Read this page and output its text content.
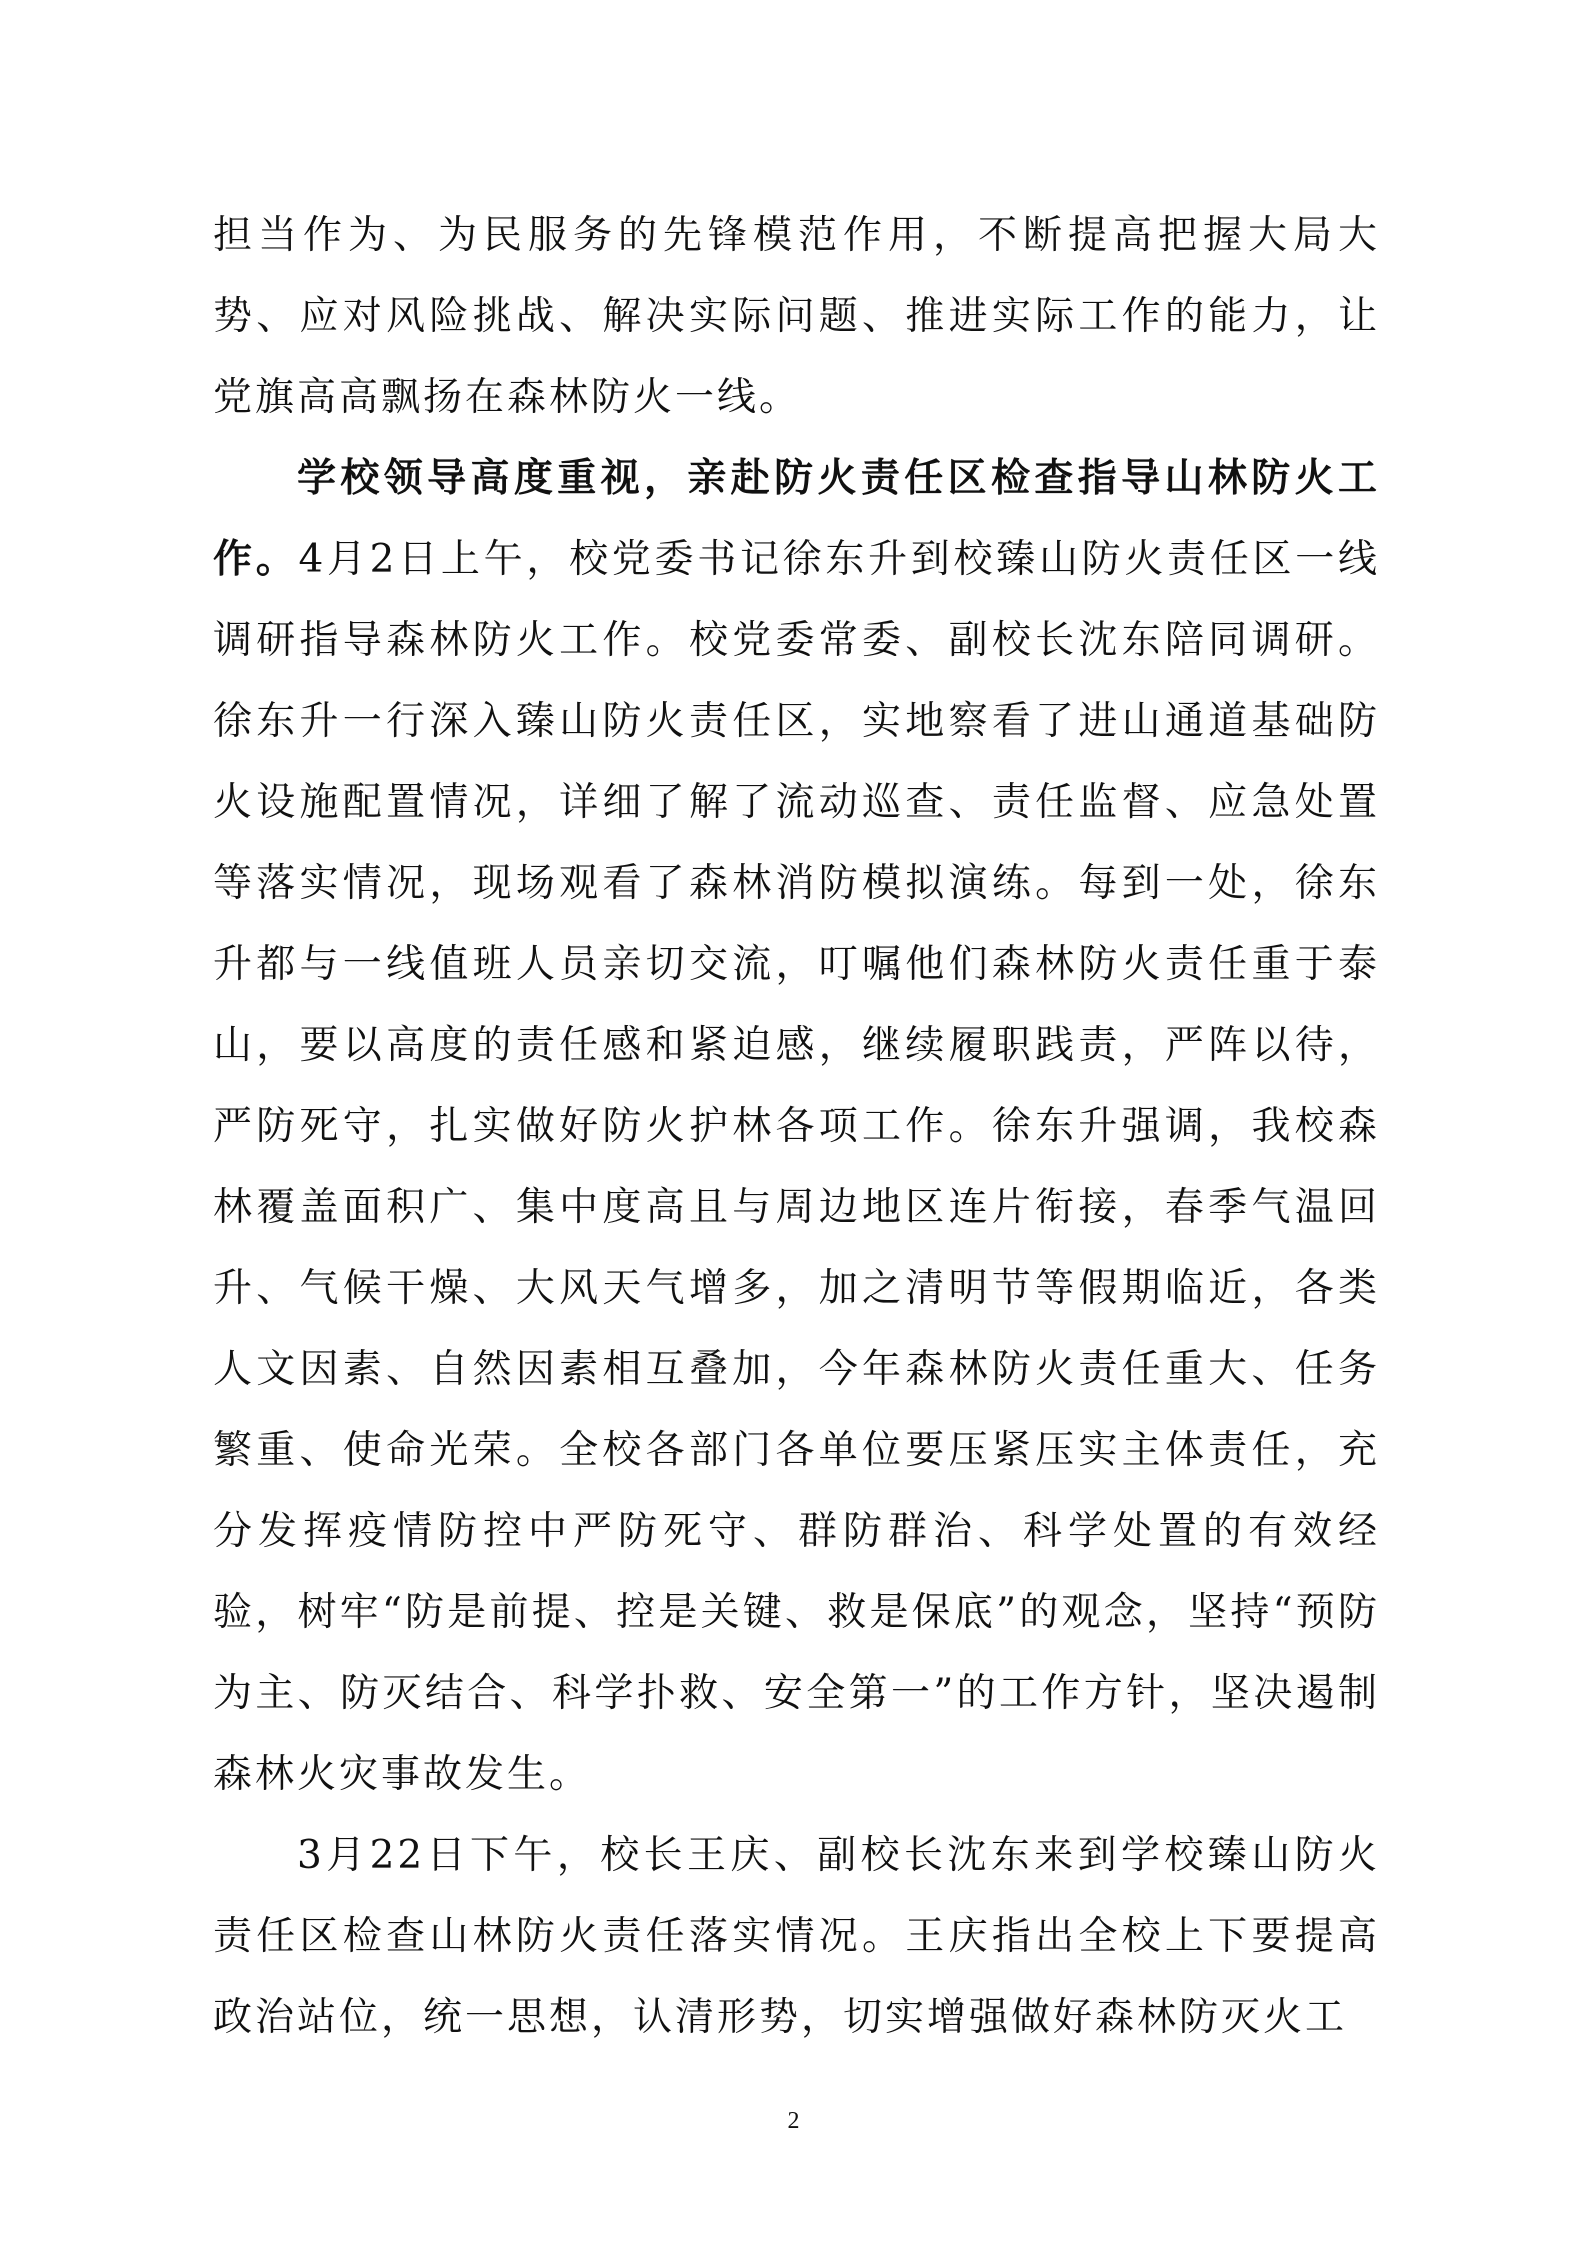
担当作为、为民服务的先锋模范作用，不断提高把握大局大势、应对风险挑战、解决实际问题、推进实际工作的能力，让党旗高高飘扬在森林防火一线。

学校领导高度重视，亲赴防火责任区检查指导山林防火工作。4月2日上午，校党委书记徐东升到校臻山防火责任区一线调研指导森林防火工作。校党委常委、副校长沈东陪同调研。徐东升一行深入臻山防火责任区，实地察看了进山通道基础防火设施配置情况，详细了解了流动巡查、责任监督、应急处置等落实情况，现场观看了森林消防模拟演练。每到一处，徐东升都与一线值班人员亲切交流，叮嘱他们森林防火责任重于泰山，要以高度的责任感和紧迫感，继续履职践责，严阵以待，严防死守，扎实做好防火护林各项工作。徐东升强调，我校森林覆盖面积广、集中度高且与周边地区连片衔接，春季气温回升、气候干燥、大风天气增多，加之清明节等假期临近，各类人文因素、自然因素相互叠加，今年森林防火责任重大、任务繁重、使命光荣。全校各部门各单位要压紧压实主体责任，充分发挥疫情防控中严防死守、群防群治、科学处置的有效经验，树牢“防是前提、控是关键、救是保底”的观念，坚持“预防为主、防灭结合、科学扑救、安全第一”的工作方针，坚决遏制森林火灾事故发生。

3月22日下午，校长王庆、副校长沈东来到学校臻山防火责任区检查山林防火责任落实情况。王庆指出全校上下要提高政治站位，统一思想，认清形势，切实增强做好森林防灭火工

2
